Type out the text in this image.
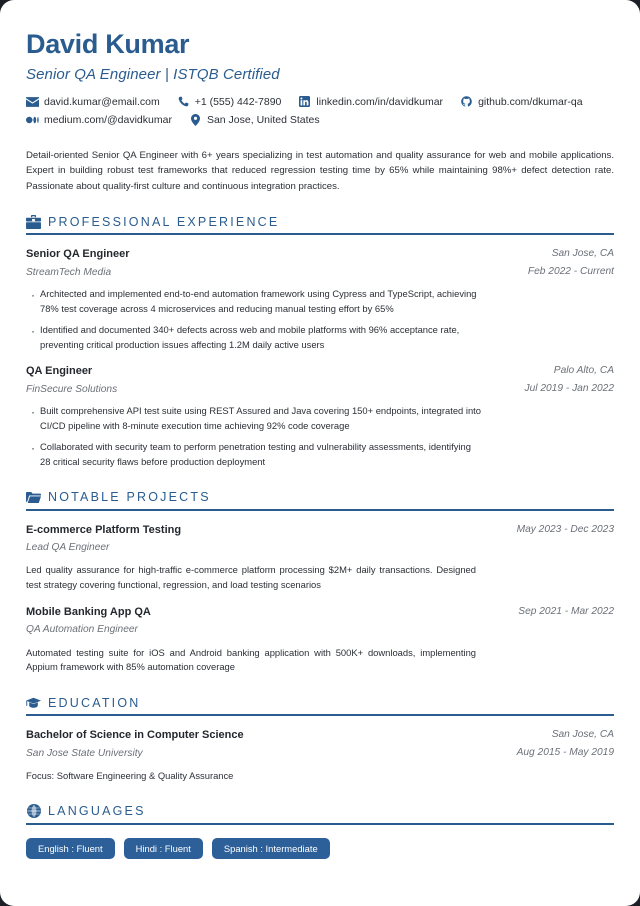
David Kumar
Senior QA Engineer | ISTQB Certified
david.kumar@email.com	+1 (555) 442-7890	linkedin.com/in/davidkumar	github.com/dkumar-qa
medium.com/@davidkumar	San Jose, United States
Detail-oriented Senior QA Engineer with 6+ years specializing in test automation and quality assurance for web and mobile applications. Expert in building robust test frameworks that reduced regression testing time by 65% while maintaining 98%+ defect detection rate. Passionate about quality-first culture and continuous integration practices.
PROFESSIONAL EXPERIENCE
Senior QA Engineer
StreamTech Media
San Jose, CA
Feb 2022 - Current
· Architected and implemented end-to-end automation framework using Cypress and TypeScript, achieving 78% test coverage across 4 microservices and reducing manual testing effort by 65%
· Identified and documented 340+ defects across web and mobile platforms with 96% acceptance rate, preventing critical production issues affecting 1.2M daily active users
QA Engineer
FinSecure Solutions
Palo Alto, CA
Jul 2019 - Jan 2022
· Built comprehensive API test suite using REST Assured and Java covering 150+ endpoints, integrated into CI/CD pipeline with 8-minute execution time achieving 92% code coverage
· Collaborated with security team to perform penetration testing and vulnerability assessments, identifying 28 critical security flaws before production deployment
NOTABLE PROJECTS
E-commerce Platform Testing
Lead QA Engineer
May 2023 - Dec 2023
Led quality assurance for high-traffic e-commerce platform processing $2M+ daily transactions. Designed test strategy covering functional, regression, and load testing scenarios
Mobile Banking App QA
QA Automation Engineer
Sep 2021 - Mar 2022
Automated testing suite for iOS and Android banking application with 500K+ downloads, implementing Appium framework with 85% automation coverage
EDUCATION
Bachelor of Science in Computer Science
San Jose State University
San Jose, CA
Aug 2015 - May 2019
Focus: Software Engineering & Quality Assurance
LANGUAGES
English : Fluent	Hindi : Fluent	Spanish : Intermediate
